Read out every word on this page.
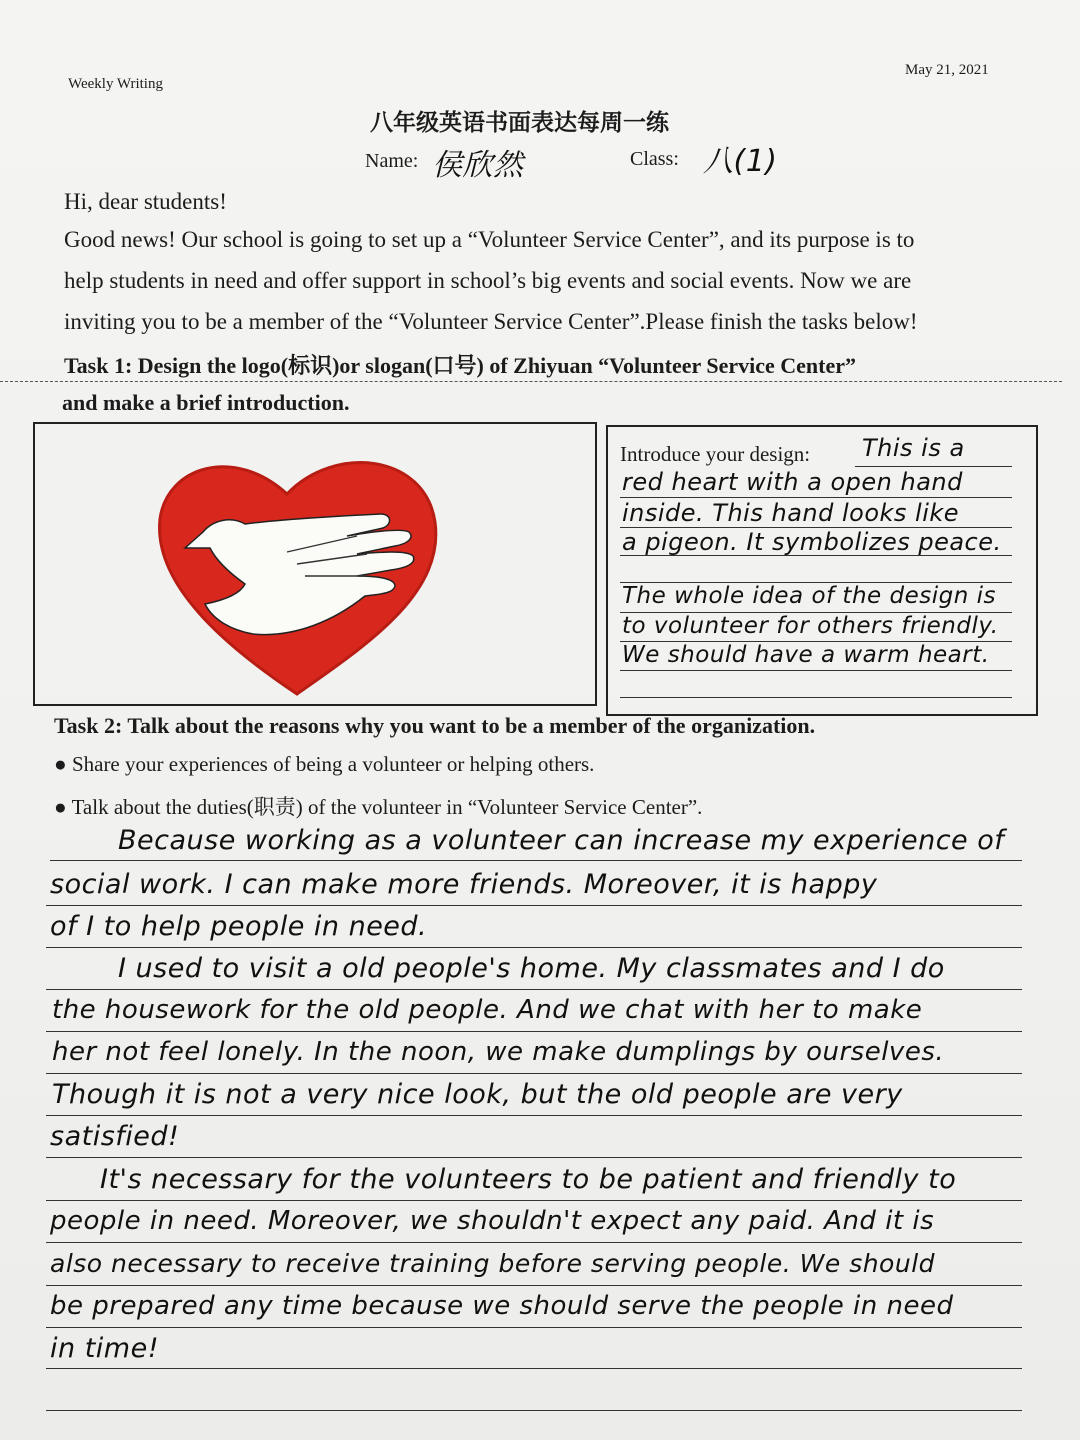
Weekly Writing
May 21, 2021
八年级英语书面表达每周一练
Name: 侯欣然	Class: 八(1)
Hi, dear students!
Good news! Our school is going to set up a “Volunteer Service Center”, and its purpose is to
help students in need and offer support in school’s big events and social events. Now we are
inviting you to be a member of the “Volunteer Service Center”.Please finish the tasks below!
Task 1: Design the logo(标识)or slogan(口号) of Zhiyuan “Volunteer Service Center”
and make a brief introduction.
Introduce your design: This is a
red heart with a open hand
inside. This hand looks like
a pigeon. It symbolizes peace.
The whole idea of the design is
to volunteer for others friendly.
We should have a warm heart.
Task 2: Talk about the reasons why you want to be a member of the organization.
● Share your experiences of being a volunteer or helping others.
● Talk about the duties(职责) of the volunteer in “Volunteer Service Center”.
Because working as a volunteer can increase my experience of
social work. I can make more friends. Moreover, it is happy
of I to help people in need.
I used to visit a old people's home. My classmates and I do
the housework for the old people. And we chat with her to make
her not feel lonely. In the noon, we make dumplings by ourselves.
Though it is not a very nice look, but the old people are very
satisfied!
It's necessary for the volunteers to be patient and friendly to
people in need. Moreover, we shouldn't expect any paid. And it is
also necessary to receive training before serving people. We should
be prepared any time because we should serve the people in need
in time!
